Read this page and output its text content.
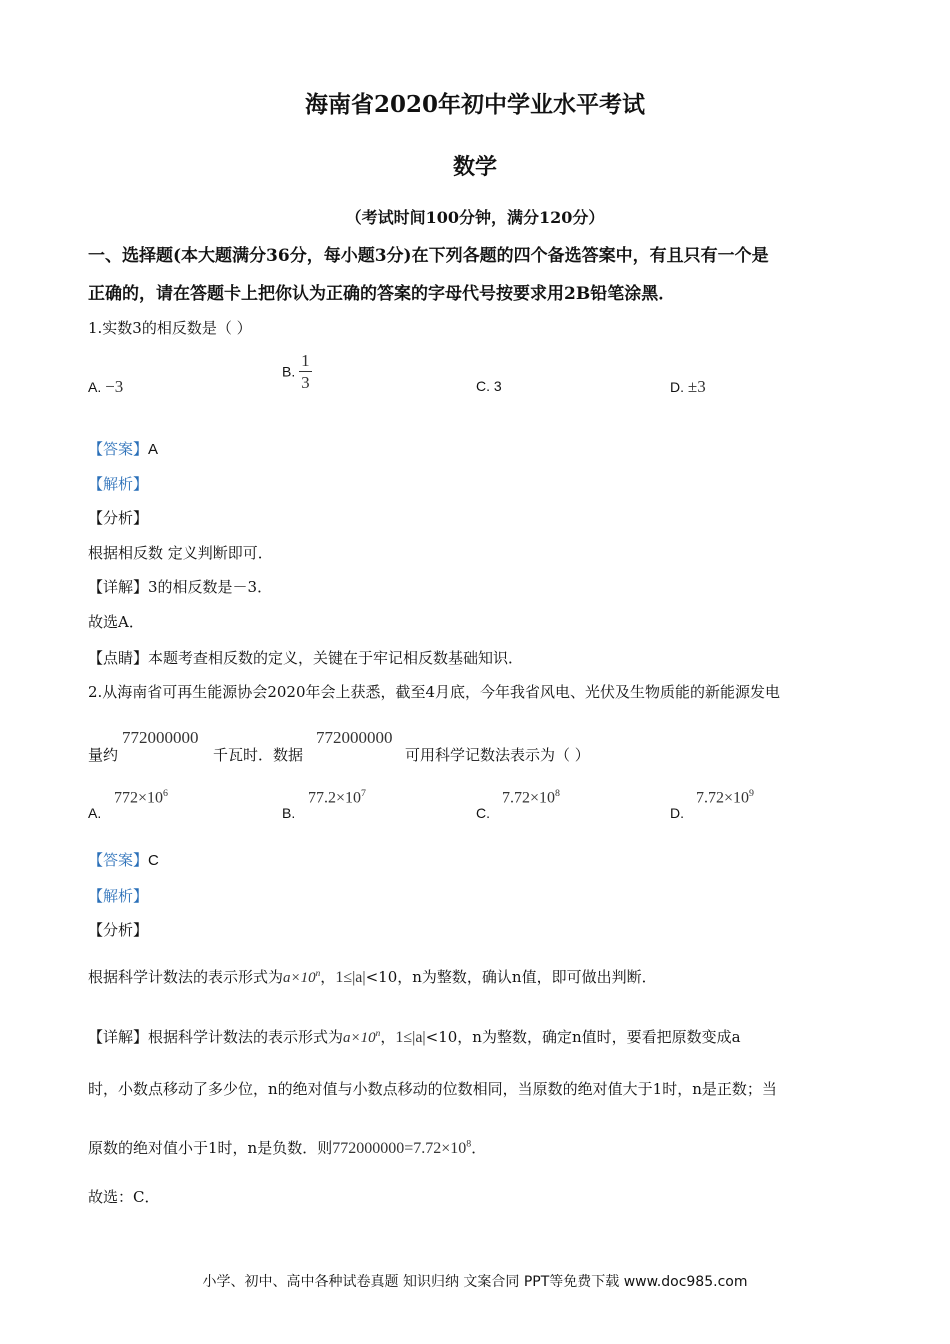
海南省2020年初中学业水平考试
数学
（考试时间100分钟，满分120分）
一、选择题(本大题满分36分，每小题3分)在下列各题的四个备选答案中，有且只有一个是
正确的，请在答题卡上把你认为正确的答案的字母代号按要求用2B铅笔涂黑．
1.实数3的相反数是（ ）
A. −3
B. $\frac{1}{3}$	C. 3	D. ±3
【答案】A
【解析】
【分析】
根据相反数 定义判断即可．
【详解】3的相反数是－3．
故选A．
【点睛】本题考查相反数的定义，关键在于牢记相反数基础知识．
2.从海南省可再生能源协会2020年会上获悉，截至4月底，今年我省风电、光伏及生物质能的新能源发电
量约
772000000
千瓦时．数据
772000000
可用科学记数法表示为（ ）
A.
$772\times 10^6$
B.
$77.2\times 10^7$
C.
$7.72\times 10^8$
D.
$7.72\times 10^9$
【答案】C
【解析】
【分析】
根据科学计数法的表示形式为$a\times 10^n$，1≤|a|<10，n为整数，确认n值，即可做出判断．
【详解】根据科学计数法的表示形式为$a\times 10^n$，1≤|a|<10，n为整数，确定n值时，要看把原数变成a
时，小数点移动了多少位，n的绝对值与小数点移动的位数相同，当原数的绝对值大于1时，n是正数；当
原数的绝对值小于1时，n是负数．则$772000000=7.72\times 10^8$．
故选：C．
小学、初中、高中各种试卷真题 知识归纳 文案合同 PPT等免费下载 www.doc985.com
